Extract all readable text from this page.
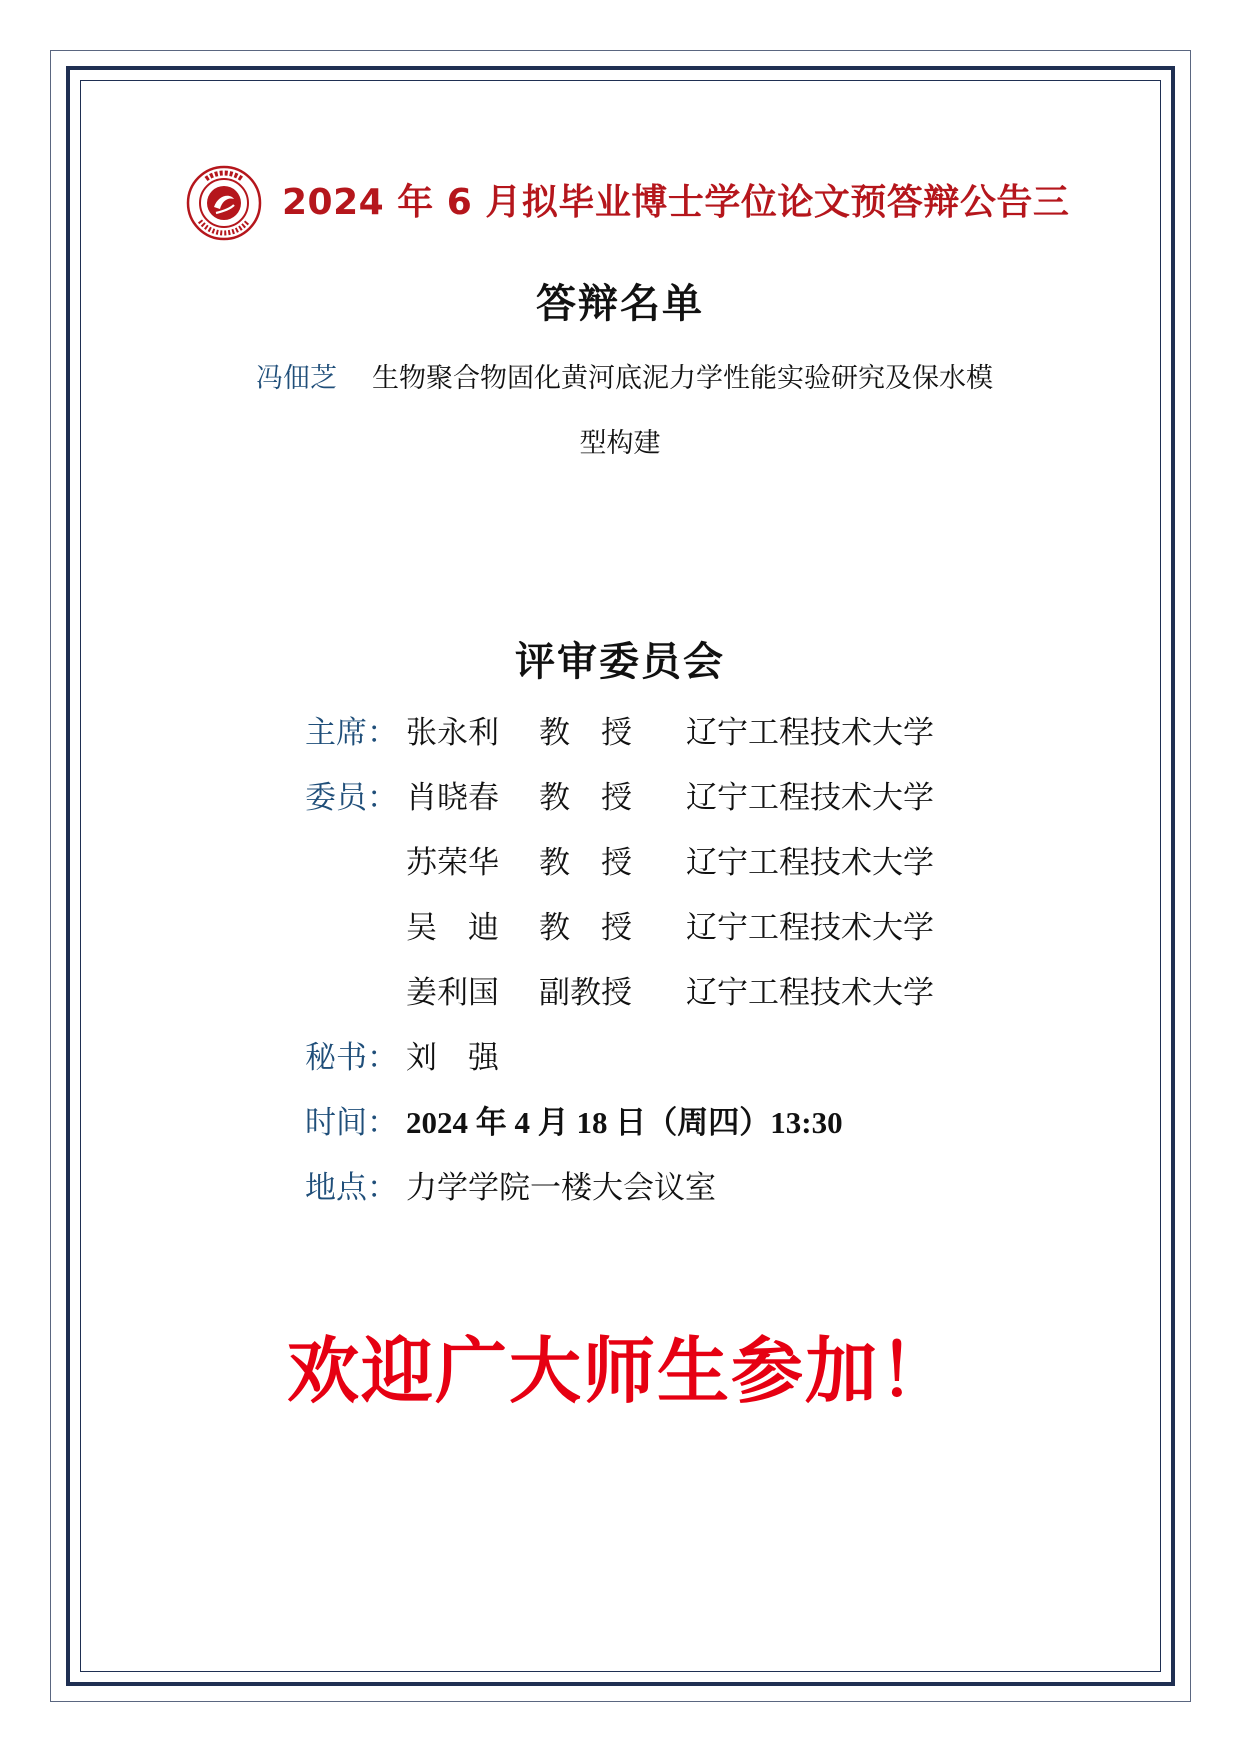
2024 年 6 月拟毕业博士学位论文预答辩公告三
答辩名单
冯佃芝 生物聚合物固化黄河底泥力学性能实验研究及保水模
型构建
评审委员会
主席： 张永利 教　授 辽宁工程技术大学
委员： 肖晓春 教　授 辽宁工程技术大学
苏荣华 教　授 辽宁工程技术大学
吴　迪 教　授 辽宁工程技术大学
姜利国 副教授 辽宁工程技术大学
秘书： 刘　强
时间： 2024 年 4 月 18 日（周四）13:30
地点： 力学学院一楼大会议室
欢迎广大师生参加！
